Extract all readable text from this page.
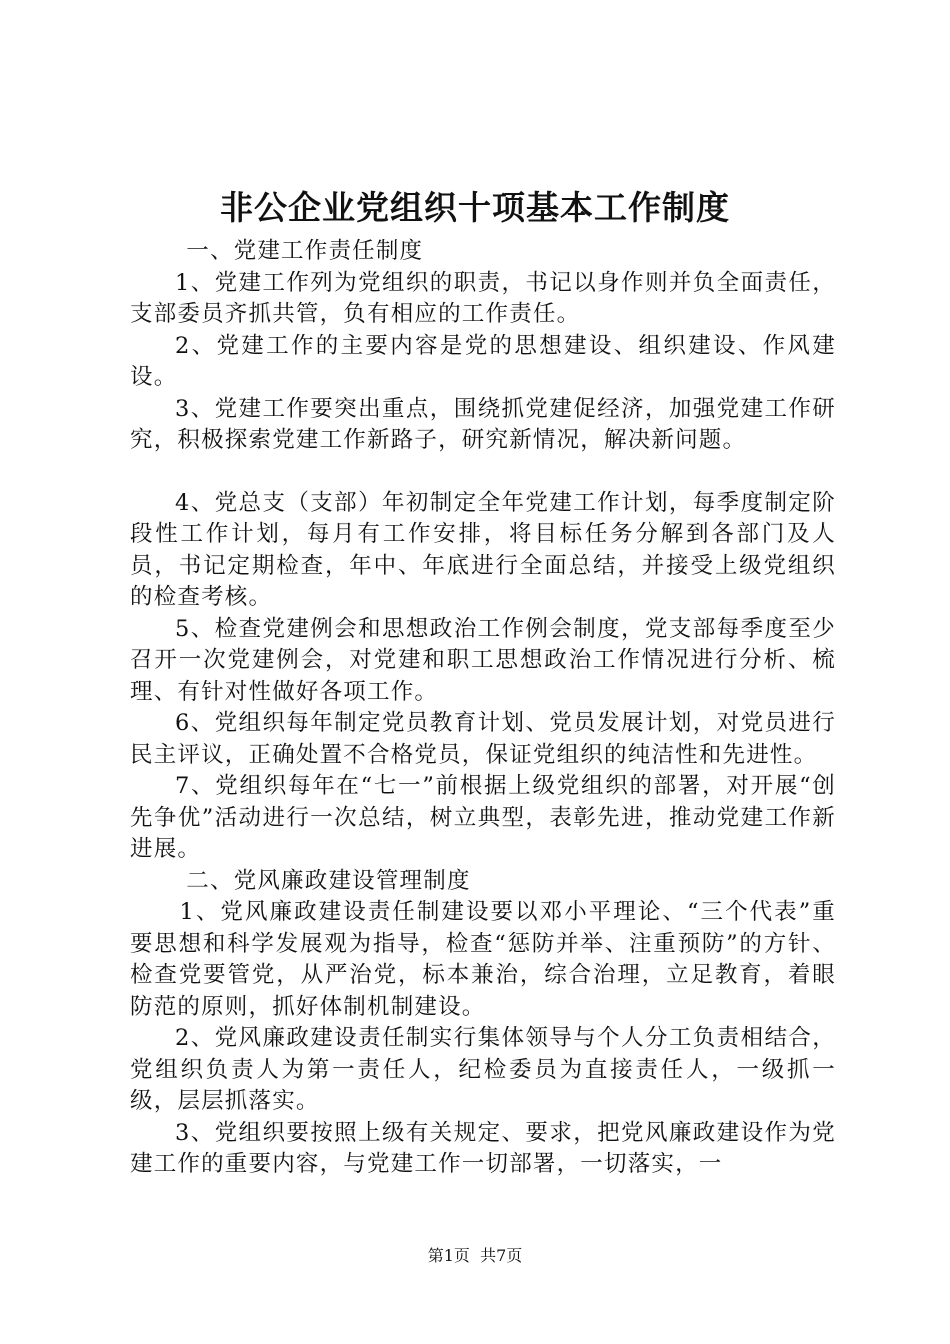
非公企业党组织十项基本工作制度

一、党建工作责任制度

1、党建工作列为党组织的职责，书记以身作则并负全面责任，支部委员齐抓共管，负有相应的工作责任。

2、党建工作的主要内容是党的思想建设、组织建设、作风建设。

3、党建工作要突出重点，围绕抓党建促经济，加强党建工作研究，积极探索党建工作新路子，研究新情况，解决新问题。

4、党总支（支部）年初制定全年党建工作计划，每季度制定阶段性工作计划，每月有工作安排，将目标任务分解到各部门及人员，书记定期检查，年中、年底进行全面总结，并接受上级党组织的检查考核。

5、检查党建例会和思想政治工作例会制度，党支部每季度至少召开一次党建例会，对党建和职工思想政治工作情况进行分析、梳理、有针对性做好各项工作。

6、党组织每年制定党员教育计划、党员发展计划，对党员进行民主评议，正确处置不合格党员，保证党组织的纯洁性和先进性。

7、党组织每年在“七一”前根据上级党组织的部署，对开展“创先争优”活动进行一次总结，树立典型，表彰先进，推动党建工作新进展。

二、党风廉政建设管理制度

1、党风廉政建设责任制建设要以邓小平理论、“三个代表”重要思想和科学发展观为指导，检查“惩防并举、注重预防”的方针、检查党要管党，从严治党，标本兼治，综合治理，立足教育，着眼防范的原则，抓好体制机制建设。

2、党风廉政建设责任制实行集体领导与个人分工负责相结合，党组织负责人为第一责任人，纪检委员为直接责任人，一级抓一级，层层抓落实。

3、党组织要按照上级有关规定、要求，把党风廉政建设作为党建工作的重要内容，与党建工作一切部署，一切落实，一

第1页 共7页
